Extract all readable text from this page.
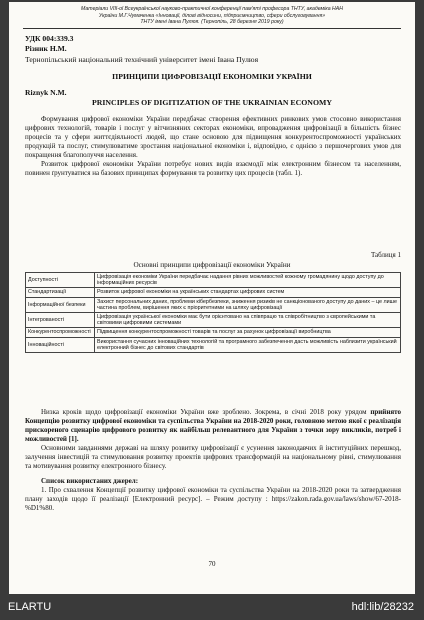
Матеріали VIII-ої Всеукраїнської науково-практичної конференції пам'яті професора ТНТУ, академіка НАН
України М.Г.Чумаченка «Інновації, ділові відносини, підприємництво, сфери обслуговування»
ТНТУ імені Івана Пулюя. (Тернопіль, 28 березня 2019 року)
УДК 004:339.3
Різник Н.М.
Тернопільський національний технічний університет імені Івана Пулюя
ПРИНЦИПИ ЦИФРОВІЗАЦІЇ ЕКОНОМІКИ УКРАЇНИ
Riznyk N.M.
PRINCIPLES OF DIGITIZATION OF THE UKRAINIAN ECONOMY

Формування цифрової економіки України передбачає створення ефективних ринкових умов стосовно використання цифрових технологій, товарів і послуг у вітчизняних секторах економіки, впровадження цифровізації в більшість бізнес процесів та у сфери життєдіяльності людей, що стане основою для підвищення конкурентоспроможності українських продукцій та послуг, стимулюватиме зростання національної економіки і, відповідно, є однією з першочергових умов для покращення благополуччя населення.

Розвиток цифрової економіки України потребує нових видів взаємодії між електронним бізнесом та населенням, повинен ґрунтуватися на базових принципах формування та розвитку цих процесів (табл. 1).

Таблиця 1
Основні принципи цифровізації економіки України
Доступності	Цифровізація економіки України передбачає надання рівних можливостей кожному громадянину щодо доступу до інформаційних ресурсів
Стандартизації	Розвиток цифрової економіки на українських стандартах цифрових систем
Інформаційної безпеки	Захист персональних даних, проблеми кібербезпеки, зниження ризиків не санкціонованого доступу до даних – це лише частина проблем, вирішення яких є пріоритетними на шляху цифровізації
Інтегрованості	Цифровізація української економіки має бути орієнтовано на співпрацю та співробітництво з європейськими та світовими цифровими системами
Конкурентоспроможності	Підвищення конкурентоспроможності товарів та послуг за рахунок цифровізації виробництва
Інноваційності	Використання сучасних інноваційних технологій та програмного забезпечення дасть можливість наблизити український електронний бізнес до світових стандартів

Низка кроків щодо цифровізації економіки України вже зроблено. Зокрема, в січні 2018 року урядом прийнято Концепцію розвитку цифрової економіки та суспільства України на 2018-2020 роки, головною метою якої є реалізація прискореного сценарію цифрового розвитку як найбільш релевантного для України з точки зору викликів, потреб і можливостей [1].

Основними завданнями державі на шляху розвитку цифровізації є усунення законодавчих й інституційних перешкод, залучення інвестицій та стимулювання розвитку проектів цифрових трансформацій на національному рівні, стимулювання та мотивування розвитку електронного бізнесу.

Список використаних джерел:

1. Про схвалення Концепції розвитку цифрової економіки та суспільства України на 2018-2020 роки та затвердження плану заходів щодо її реалізації [Електронний ресурс]. – Режим доступу : https://zakon.rada.gov.ua/laws/show/67-2018-%D1%80.

70
ELARTU	hdl:lib/28232
